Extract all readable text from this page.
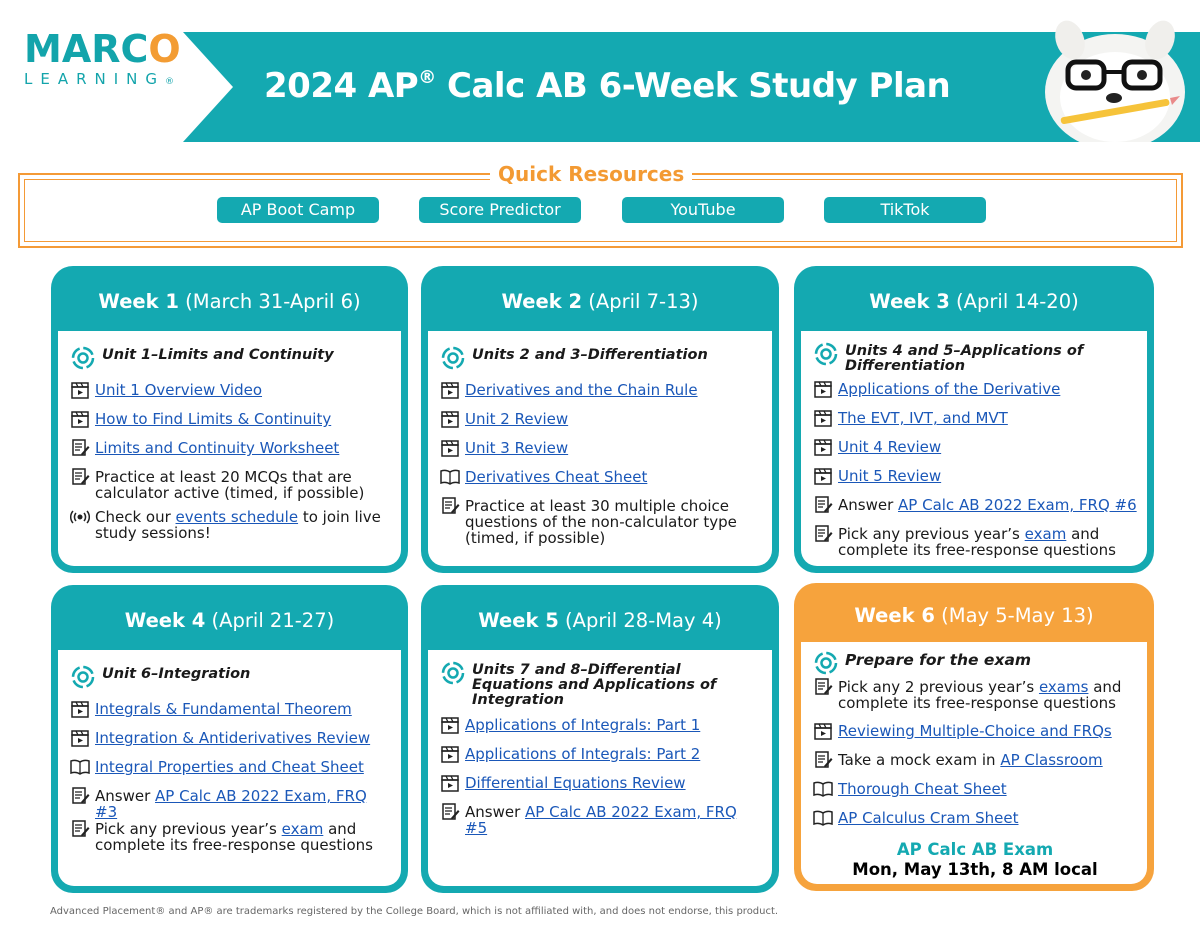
MARCO
LEARNING®	2024 AP® Calc AB 6-Week Study Plan
Quick Resources
AP Boot Camp	Score Predictor	YouTube	TikTok
Week 1 (March 31-April 6)
Unit 1–Limits and Continuity
Unit 1 Overview Video
How to Find Limits & Continuity
Limits and Continuity Worksheet
Practice at least 20 MCQs that are calculator active (timed, if possible)
Check our events schedule to join live study sessions!
Week 2 (April 7-13)
Units 2 and 3–Differentiation
Derivatives and the Chain Rule
Unit 2 Review
Unit 3 Review
Derivatives Cheat Sheet
Practice at least 30 multiple choice questions of the non-calculator type (timed, if possible)
Week 3 (April 14-20)
Units 4 and 5–Applications of Differentiation
Applications of the Derivative
The EVT, IVT, and MVT
Unit 4 Review
Unit 5 Review
Answer AP Calc AB 2022 Exam, FRQ #6
Pick any previous year’s exam and complete its free-response questions
Week 4 (April 21-27)
Unit 6–Integration
Integrals & Fundamental Theorem
Integration & Antiderivatives Review
Integral Properties and Cheat Sheet
Answer AP Calc AB 2022 Exam, FRQ #3
Pick any previous year’s exam and complete its free-response questions
Week 5 (April 28-May 4)
Units 7 and 8–Differential Equations and Applications of Integration
Applications of Integrals: Part 1
Applications of Integrals: Part 2
Differential Equations Review
Answer AP Calc AB 2022 Exam, FRQ #5
Week 6 (May 5-May 13)
Prepare for the exam
Pick any 2 previous year’s exams and complete its free-response questions
Reviewing Multiple-Choice and FRQs
Take a mock exam in AP Classroom
Thorough Cheat Sheet
AP Calculus Cram Sheet
AP Calc AB Exam
Mon, May 13th, 8 AM local
Advanced Placement® and AP® are trademarks registered by the College Board, which is not affiliated with, and does not endorse, this product.
